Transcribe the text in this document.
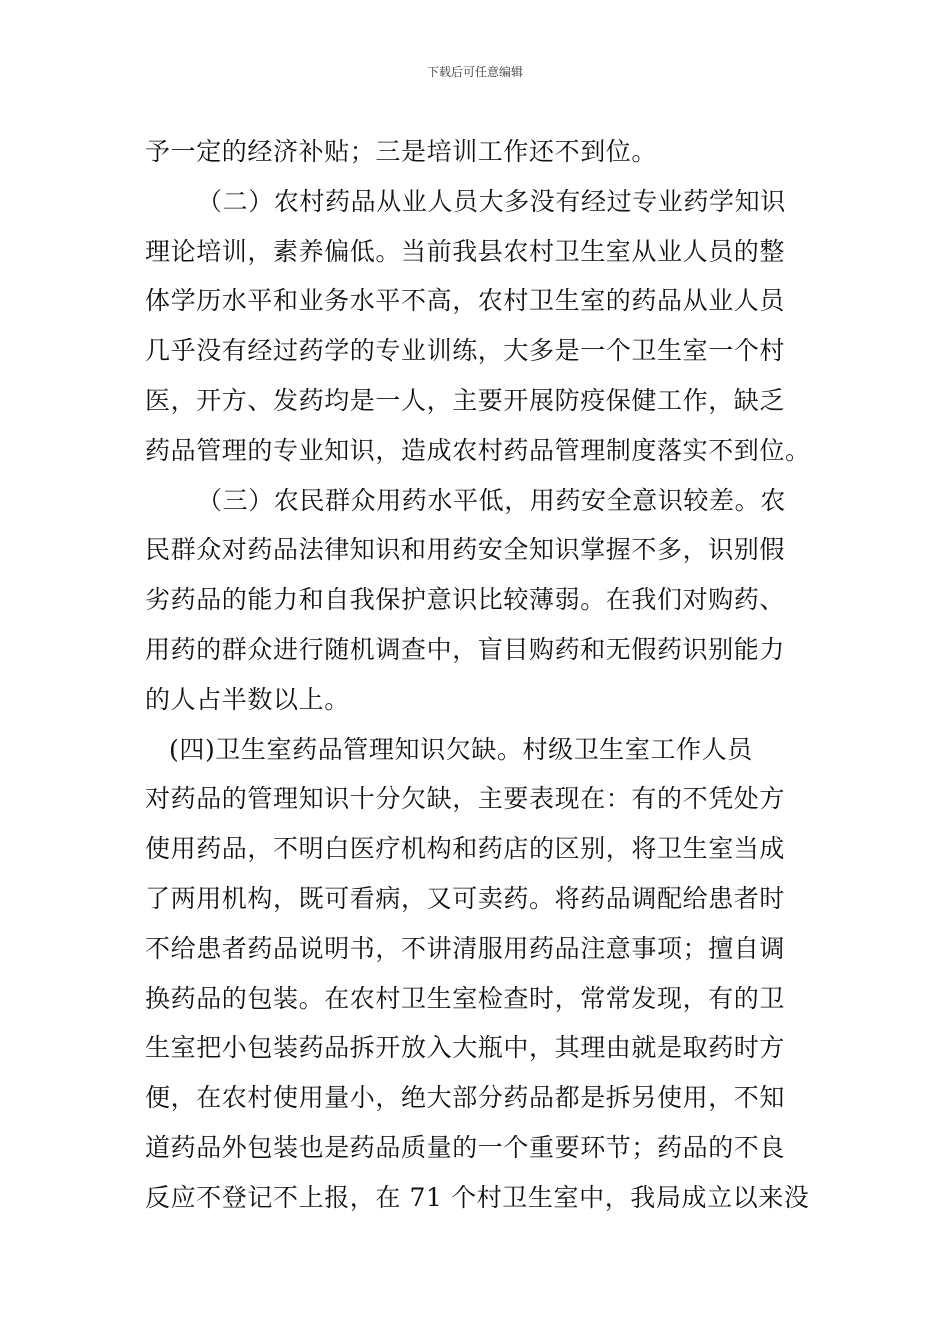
下载后可任意编辑

予一定的经济补贴；三是培训工作还不到位。

（二）农村药品从业人员大多没有经过专业药学知识
理论培训，素养偏低。当前我县农村卫生室从业人员的整
体学历水平和业务水平不高，农村卫生室的药品从业人员
几乎没有经过药学的专业训练，大多是一个卫生室一个村
医，开方、发药均是一人，主要开展防疫保健工作，缺乏
药品管理的专业知识，造成农村药品管理制度落实不到位。

（三）农民群众用药水平低，用药安全意识较差。农
民群众对药品法律知识和用药安全知识掌握不多，识别假
劣药品的能力和自我保护意识比较薄弱。在我们对购药、
用药的群众进行随机调查中，盲目购药和无假药识别能力
的人占半数以上。

(四)卫生室药品管理知识欠缺。村级卫生室工作人员
对药品的管理知识十分欠缺，主要表现在：有的不凭处方
使用药品，不明白医疗机构和药店的区别，将卫生室当成
了两用机构，既可看病，又可卖药。将药品调配给患者时
不给患者药品说明书，不讲清服用药品注意事项；擅自调
换药品的包装。在农村卫生室检查时，常常发现，有的卫
生室把小包装药品拆开放入大瓶中，其理由就是取药时方
便，在农村使用量小，绝大部分药品都是拆另使用，不知
道药品外包装也是药品质量的一个重要环节；药品的不良
反应不登记不上报，在 71 个村卫生室中，我局成立以来没
